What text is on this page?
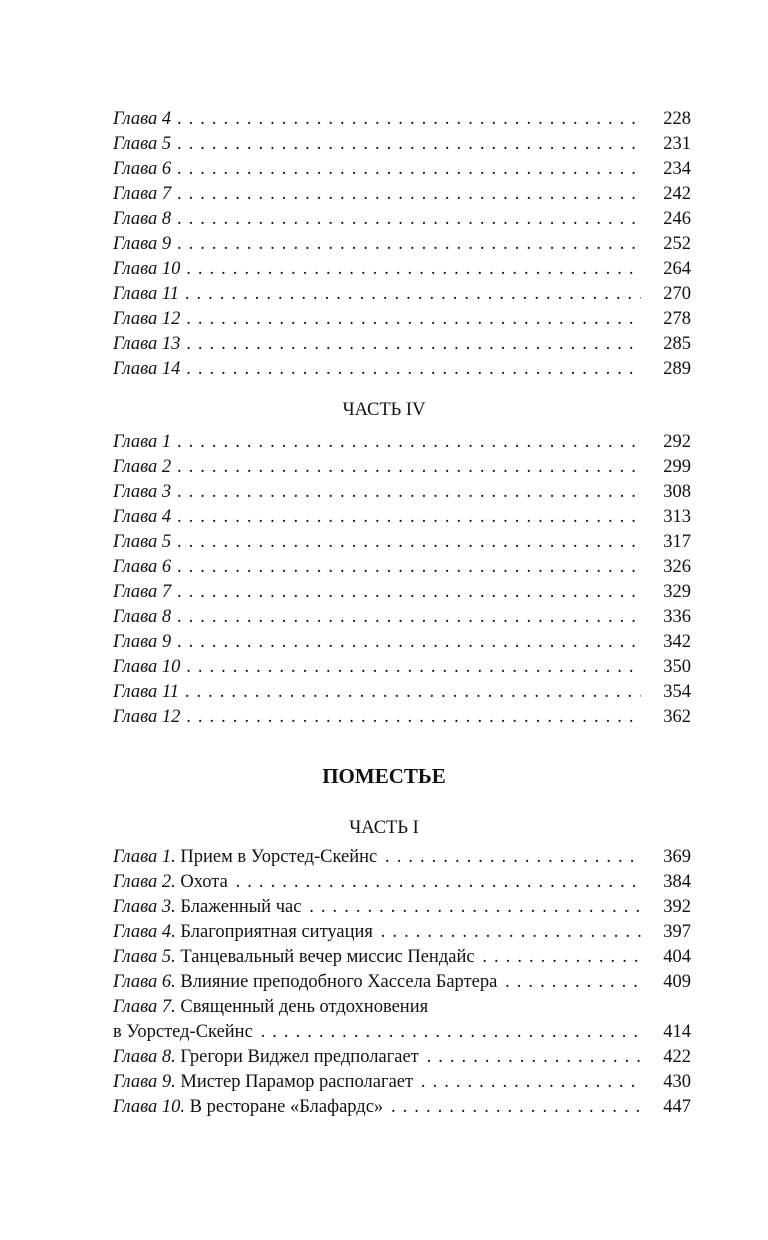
Глава 4 . . .	228
Глава 5 . . .	231
Глава 6 . . .	234
Глава 7 . . .	242
Глава 8 . . .	246
Глава 9 . . .	252
Глава 10 . . .	264
Глава 11 . . .	270
Глава 12 . . .	278
Глава 13 . . .	285
Глава 14 . . .	289
ЧАСТЬ IV
Глава 1 . . .	292
Глава 2 . . .	299
Глава 3 . . .	308
Глава 4 . . .	313
Глава 5 . . .	317
Глава 6 . . .	326
Глава 7 . . .	329
Глава 8 . . .	336
Глава 9 . . .	342
Глава 10 . . .	350
Глава 11 . . .	354
Глава 12 . . .	362
ПОМЕСТЬЕ
ЧАСТЬ I
Глава 1. Прием в Уорстед-Скейнс . . .	369
Глава 2. Охота . . .	384
Глава 3. Блаженный час . . .	392
Глава 4. Благоприятная ситуация . . .	397
Глава 5. Танцевальный вечер миссис Пендайс . . .	404
Глава 6. Влияние преподобного Хассела Бартера . . .	409
Глава 7. Священный день отдохновения
в Уорстед-Скейнс . . .	414
Глава 8. Грегори Виджел предполагает . . .	422
Глава 9. Мистер Парамор располагает . . .	430
Глава 10. В ресторане «Блафардс» . . .	447
